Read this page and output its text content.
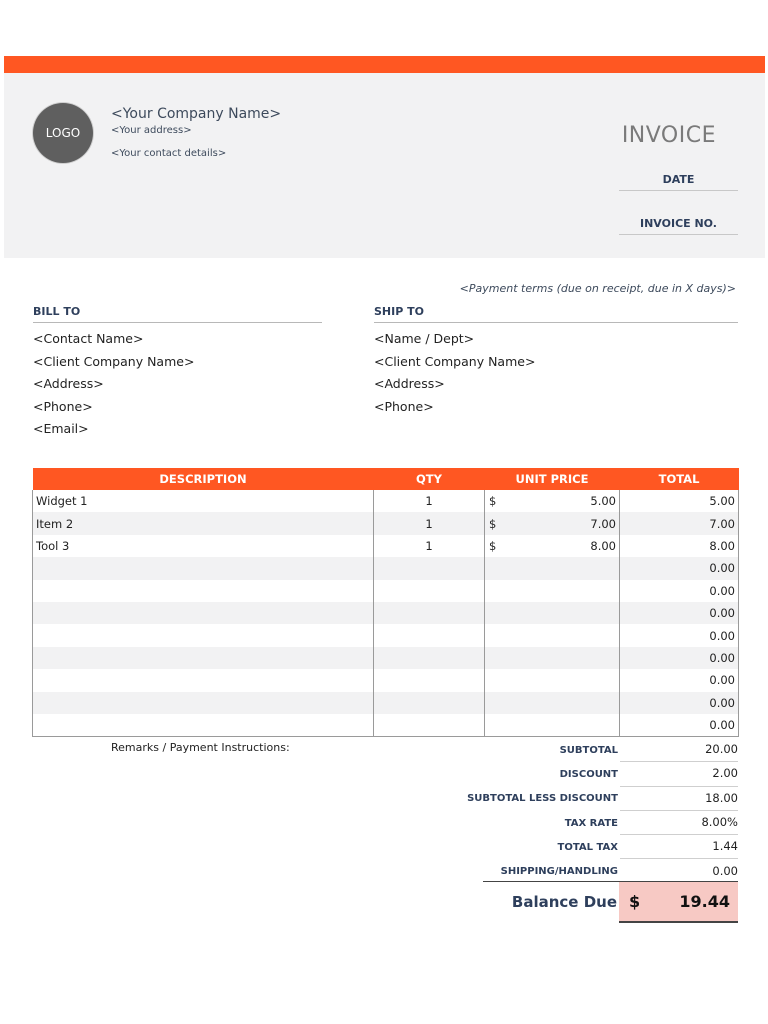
LOGO
<Your Company Name>
<Your address>
<Your contact details>
INVOICE
DATE
INVOICE NO.
<Payment terms (due on receipt, due in X days)>
BILL TO
<Contact Name>
<Client Company Name>
<Address>
<Phone>
<Email>
SHIP TO
<Name / Dept>
<Client Company Name>
<Address>
<Phone>
DESCRIPTION	QTY	UNIT PRICE	TOTAL
Widget 1	1	$ 5.00	5.00
Item 2	1	$ 7.00	7.00
Tool 3	1	$ 8.00	8.00
			0.00
			0.00
			0.00
			0.00
			0.00
			0.00
			0.00
			0.00
Remarks / Payment Instructions:	SUBTOTAL	20.00
DISCOUNT	2.00
SUBTOTAL LESS DISCOUNT	18.00
TAX RATE	8.00%
TOTAL TAX	1.44
SHIPPING/HANDLING	0.00
Balance Due $ 19.44
